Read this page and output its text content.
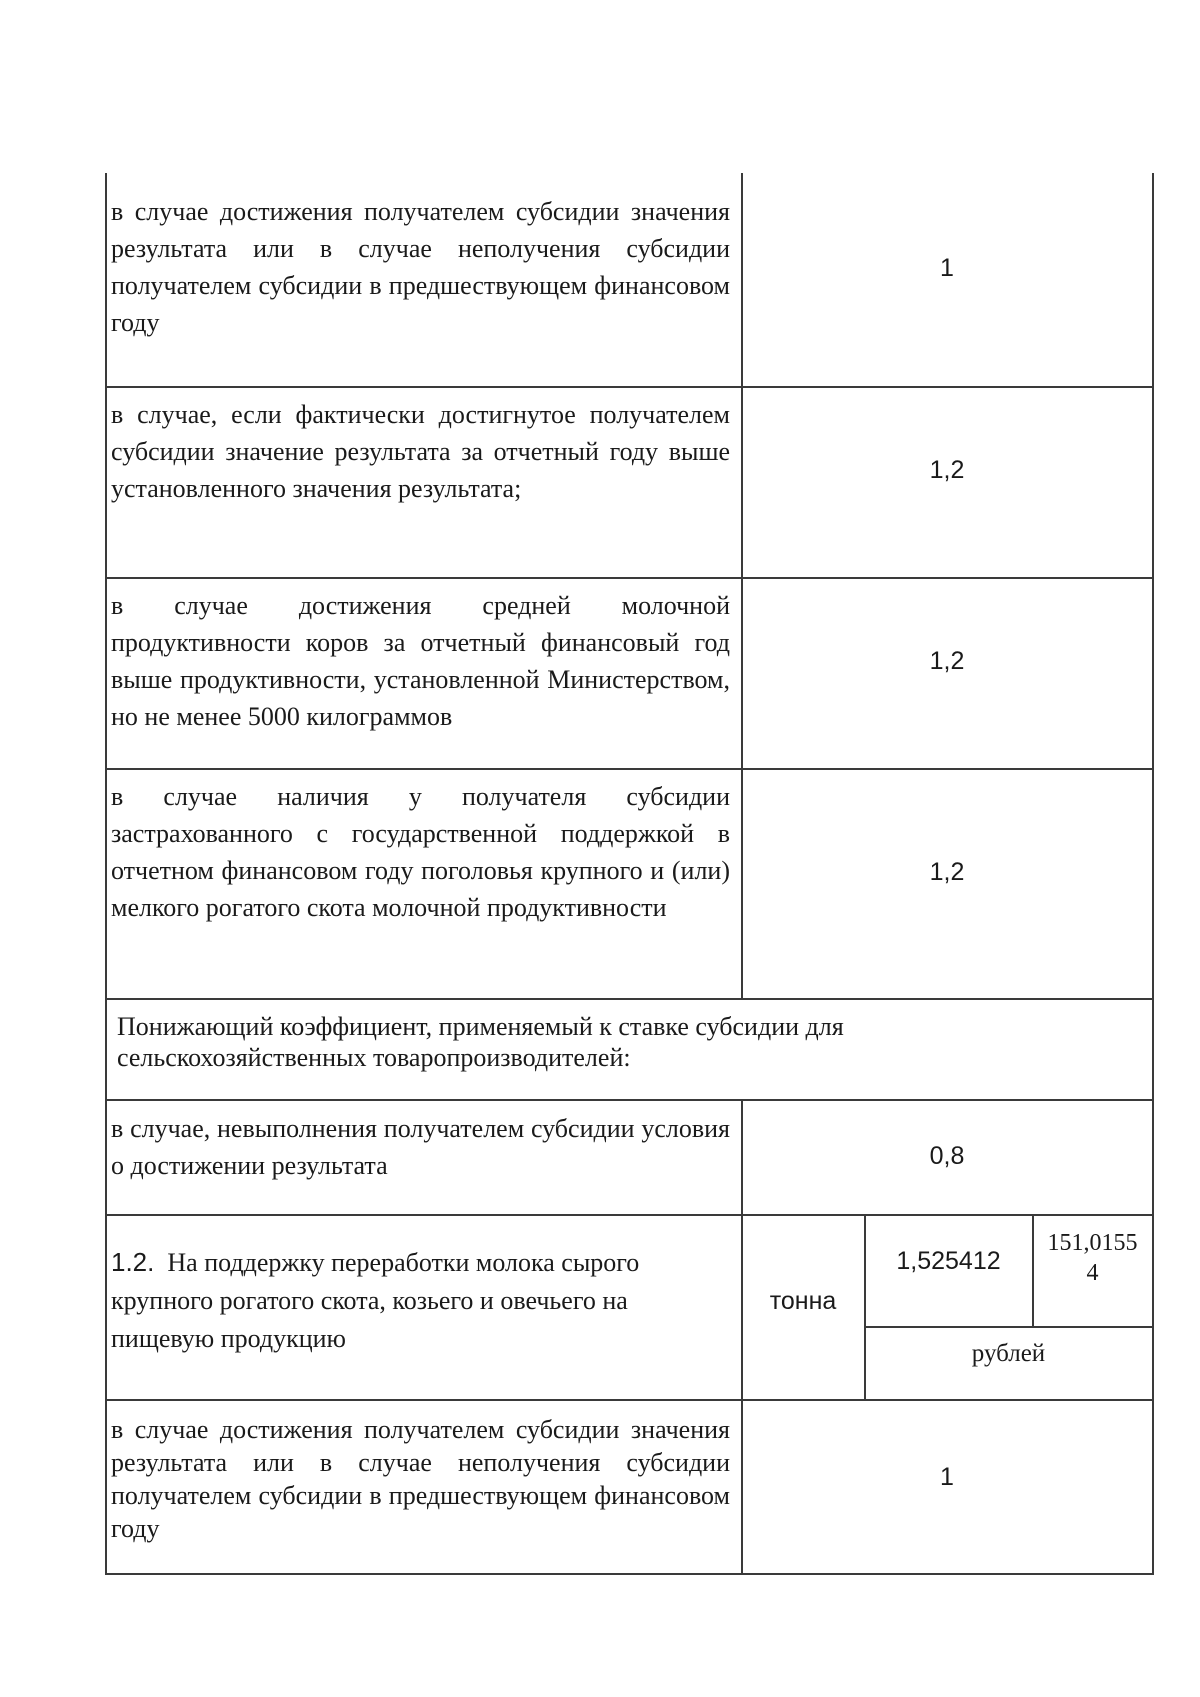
в случае достижения получателем субсидии значения результата или в случае неполучения субсидии получателем субсидии в предшествующем финансовом году

1

в случае, если фактически достигнутое получателем субсидии значение результата за отчетный году выше установленного значения результата;

1,2

в случае достижения средней молочной продуктивности коров за отчетный финансовый год выше продуктивности, установленной Министерством, но не менее 5000 килограммов

1,2

в случае наличия у получателя субсидии застрахованного с государственной поддержкой в отчетном финансовом году поголовья крупного и (или) мелкого рогатого скота молочной продуктивности

1,2
Понижающий коэффициент, применяемый к ставке субсидии для
сельскохозяйственных товаропроизводителей:

в случае, невыполнения получателем субсидии условия о достижении результата	0,8
1.2. На поддержку переработки молока сырого
крупного рогатого скота, козьего и овечьего на
пищевую продукцию
тонна
1,525412
151,0155
4
рублей

в случае достижения получателем субсидии значения результата или в случае неполучения субсидии получателем субсидии в предшествующем финансовом году

1
